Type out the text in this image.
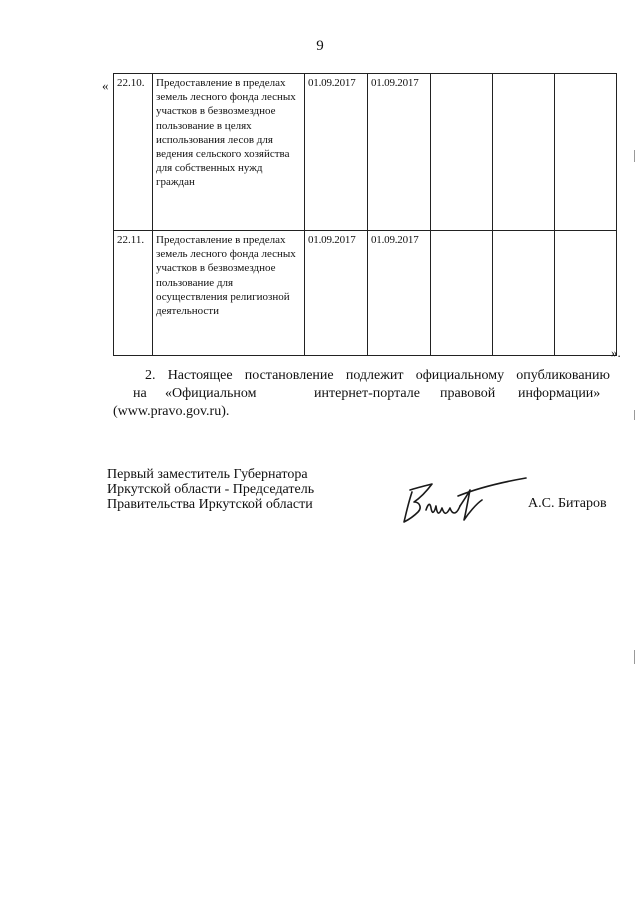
9
« 22.10.	Предоставление в пределах земель лесного фонда лесных участков в безвозмездное пользование в целях использования лесов для ведения сельского хозяйства для собственных нужд граждан	01.09.2017	01.09.2017			
22.11.	Предоставление в пределах земель лесного фонда лесных участков в безвозмездное пользование для осуществления религиозной деятельности	01.09.2017	01.09.2017			
».
2. Настоящее постановление подлежит официальному опубликованию
на «Официальном	интернет-портале правовой информации»
(www.pravo.gov.ru).
Первый заместитель Губернатора
Иркутской области - Председатель
Правительства Иркутской области	А.С. Битаров
